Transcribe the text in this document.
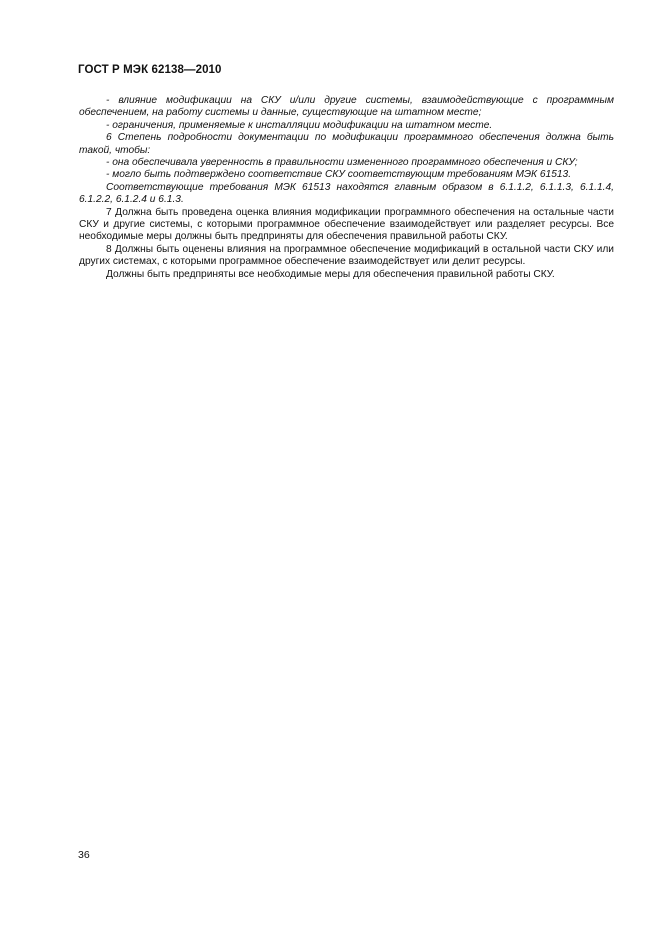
ГОСТ Р МЭК 62138—2010

- влияние модификации на СКУ и/или другие системы, взаимодействующие с программным обеспечением, на работу системы и данные, существующие на штатном месте;

- ограничения, применяемые к инсталляции модификации на штатном месте.

6 Степень подробности документации по модификации программного обеспечения должна быть такой, чтобы:

- она обеспечивала уверенность в правильности измененного программного обеспечения и СКУ;

- могло быть подтверждено соответствие СКУ соответствующим требованиям МЭК 61513.

Соответствующие требования МЭК 61513 находятся главным образом в 6.1.1.2, 6.1.1.3, 6.1.1.4, 6.1.2.2, 6.1.2.4 и 6.1.3.

7 Должна быть проведена оценка влияния модификации программного обеспечения на остальные части СКУ и другие системы, с которыми программное обеспечение взаимодействует или разделяет ресурсы. Все необходимые меры должны быть предприняты для обеспечения правильной работы СКУ.

8 Должны быть оценены влияния на программное обеспечение модификаций в остальной части СКУ или других системах, с которыми программное обеспечение взаимодействует или делит ресурсы.

Должны быть предприняты все необходимые меры для обеспечения правильной работы СКУ.

36
